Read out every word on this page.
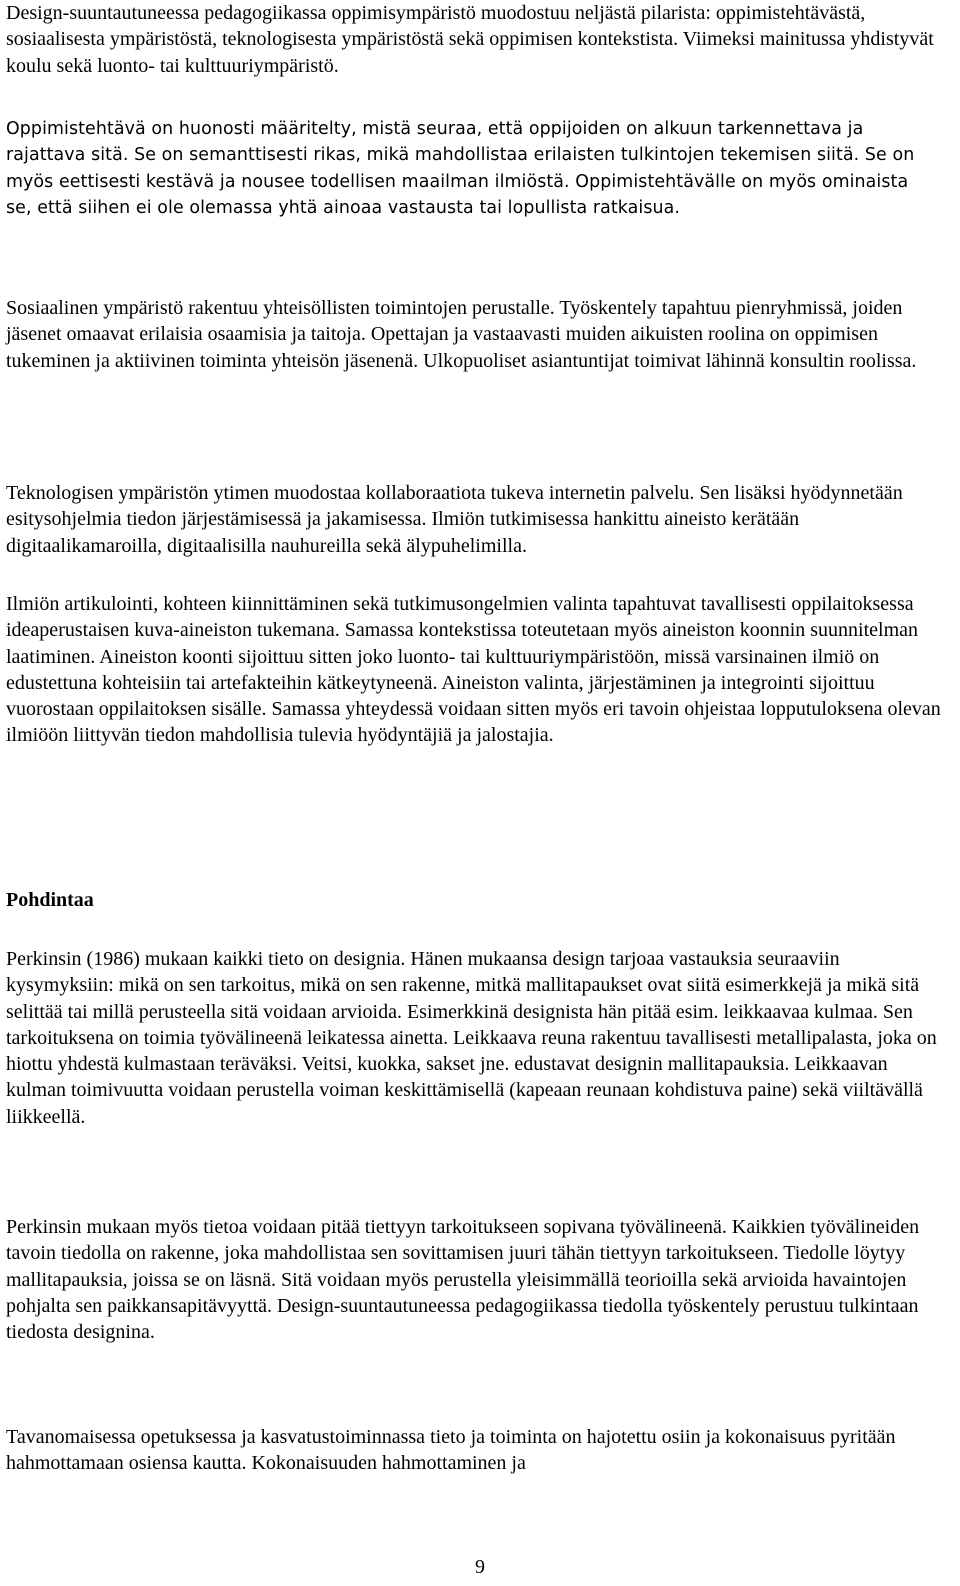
Design-suuntautuneessa pedagogiikassa oppimisympäristö muodostuu neljästä pilarista: oppimistehtävästä, sosiaalisesta ympäristöstä, teknologisesta ympäristöstä sekä oppimisen kontekstista. Viimeksi mainitussa yhdistyvät koulu sekä luonto- tai kulttuuriympäristö.

Oppimistehtävä on huonosti määritelty, mistä seuraa, että oppijoiden on alkuun tarkennettava ja rajattava sitä. Se on semanttisesti rikas, mikä mahdollistaa erilaisten tulkintojen tekemisen siitä. Se on myös eettisesti kestävä ja nousee todellisen maailman ilmiöstä. Oppimistehtävälle on myös ominaista se, että siihen ei ole olemassa yhtä ainoaa vastausta tai lopullista ratkaisua.

Sosiaalinen ympäristö rakentuu yhteisöllisten toimintojen perustalle. Työskentely tapahtuu pienryhmissä, joiden jäsenet omaavat erilaisia osaamisia ja taitoja. Opettajan ja vastaavasti muiden aikuisten roolina on oppimisen tukeminen ja aktiivinen toiminta yhteisön jäsenenä. Ulkopuoliset asiantuntijat toimivat lähinnä konsultin roolissa.

Teknologisen ympäristön ytimen muodostaa kollaboraatiota tukeva internetin palvelu. Sen lisäksi hyödynnetään esitysohjelmia tiedon järjestämisessä ja jakamisessa. Ilmiön tutkimisessa hankittu aineisto kerätään digitaalikamaroilla, digitaalisilla nauhureilla sekä älypuhelimilla.

Ilmiön artikulointi, kohteen kiinnittäminen sekä tutkimusongelmien valinta tapahtuvat tavallisesti oppilaitoksessa ideaperustaisen kuva-aineiston tukemana. Samassa kontekstissa toteutetaan myös aineiston koonnin suunnitelman laatiminen. Aineiston koonti sijoittuu sitten joko luonto- tai kulttuuriympäristöön, missä varsinainen ilmiö on edustettuna kohteisiin tai artefakteihin kätkeytyneenä. Aineiston valinta, järjestäminen ja integrointi sijoittuu vuorostaan oppilaitoksen sisälle. Samassa yhteydessä voidaan sitten myös eri tavoin ohjeistaa lopputuloksena olevan ilmiöön liittyvän tiedon mahdollisia tulevia hyödyntäjiä ja jalostajia.

Pohdintaa

Perkinsin (1986) mukaan kaikki tieto on designia. Hänen mukaansa design tarjoaa vastauksia seuraaviin kysymyksiin: mikä on sen tarkoitus, mikä on sen rakenne, mitkä mallitapaukset ovat siitä esimerkkejä ja mikä sitä selittää tai millä perusteella sitä voidaan arvioida. Esimerkkinä designista hän pitää esim. leikkaavaa kulmaa. Sen tarkoituksena on toimia työvälineenä leikatessa ainetta. Leikkaava reuna rakentuu tavallisesti metallipalasta, joka on hiottu yhdestä kulmastaan teräväksi. Veitsi, kuokka, sakset jne. edustavat designin mallitapauksia. Leikkaavan kulman toimivuutta voidaan perustella voiman keskittämisellä (kapeaan reunaan kohdistuva paine) sekä viiltävällä liikkeellä.

Perkinsin mukaan myös tietoa voidaan pitää tiettyyn tarkoitukseen sopivana työvälineenä. Kaikkien työvälineiden tavoin tiedolla on rakenne, joka mahdollistaa sen sovittamisen juuri tähän tiettyyn tarkoitukseen. Tiedolle löytyy mallitapauksia, joissa se on läsnä. Sitä voidaan myös perustella yleisimmällä teorioilla sekä arvioida havaintojen pohjalta sen paikkansapitävyyttä. Design-suuntautuneessa pedagogiikassa tiedolla työskentely perustuu tulkintaan tiedosta designina.

Tavanomaisessa opetuksessa ja kasvatustoiminnassa tieto ja toiminta on hajotettu osiin ja kokonaisuus pyritään hahmottamaan osiensa kautta. Kokonaisuuden hahmottaminen ja

9
